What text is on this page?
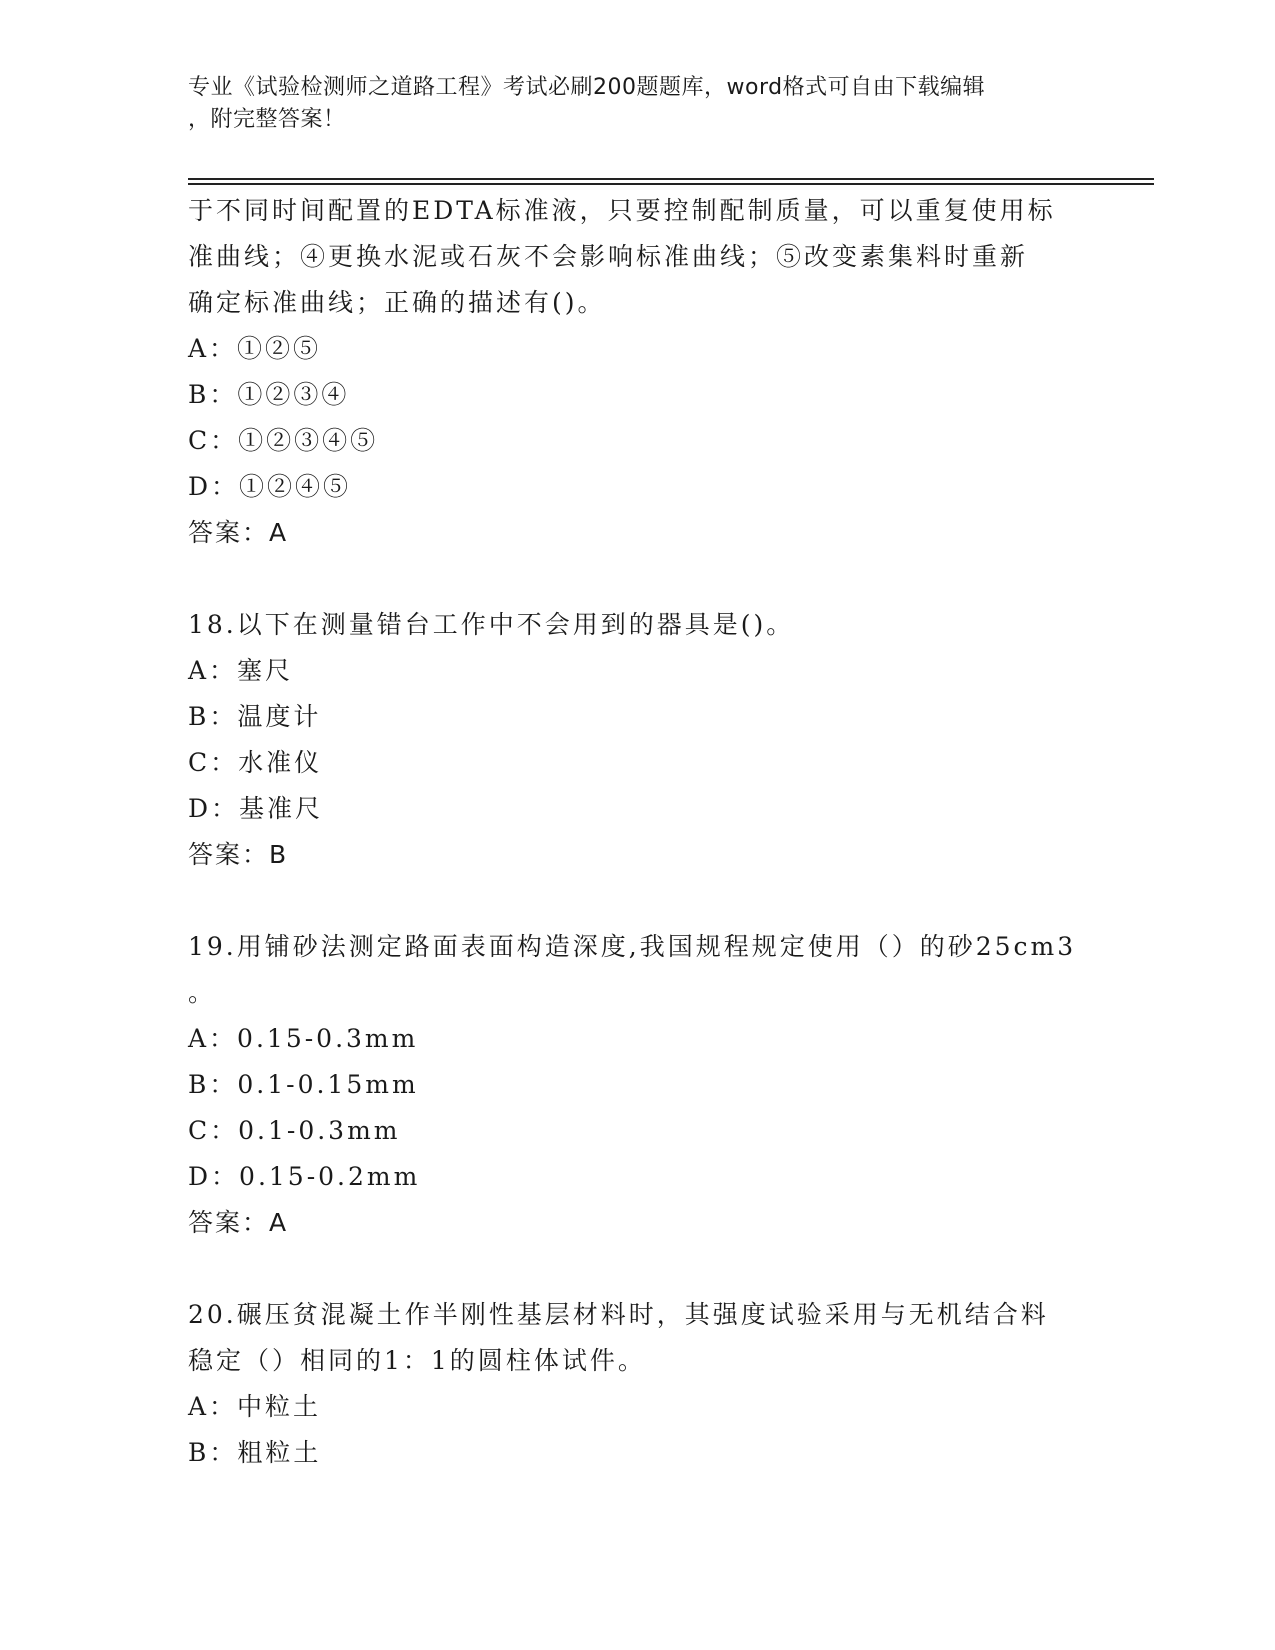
专业《试验检测师之道路工程》考试必刷200题题库，word格式可自由下载编辑
，附完整答案！

于不同时间配置的EDTA标准液，只要控制配制质量，可以重复使用标

准曲线；④更换水泥或石灰不会影响标准曲线；⑤改变素集料时重新

确定标准曲线；正确的描述有()。

A：①②⑤

B：①②③④

C：①②③④⑤

D：①②④⑤

答案：A

18.以下在测量错台工作中不会用到的器具是()。

A：塞尺

B：温度计

C：水准仪

D：基准尺

答案：B

19.用铺砂法测定路面表面构造深度,我国规程规定使用（）的砂25cm3

。

A：0.15-0.3mm

B：0.1-0.15mm

C：0.1-0.3mm

D：0.15-0.2mm

答案：A

20.碾压贫混凝土作半刚性基层材料时，其强度试验采用与无机结合料

稳定（）相同的1：1的圆柱体试件。

A：中粒土

B：粗粒土
